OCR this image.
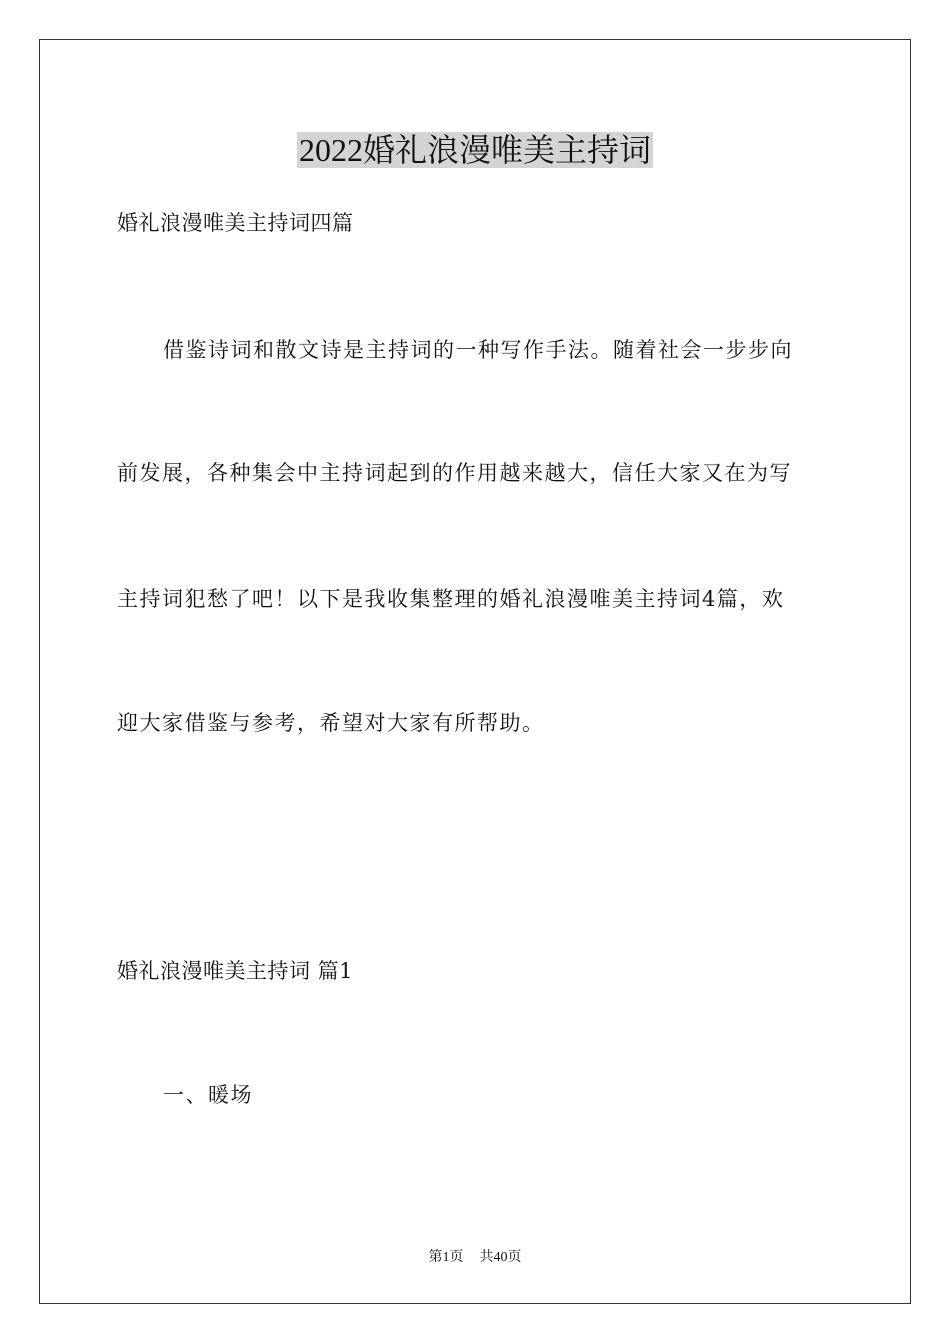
2022婚礼浪漫唯美主持词
婚礼浪漫唯美主持词四篇
借鉴诗词和散文诗是主持词的一种写作手法。随着社会一步步向
前发展，各种集会中主持词起到的作用越来越大，信任大家又在为写
主持词犯愁了吧！以下是我收集整理的婚礼浪漫唯美主持词4篇，欢
迎大家借鉴与参考，希望对大家有所帮助。
婚礼浪漫唯美主持词 篇1
一、暖场
第1页 共40页
